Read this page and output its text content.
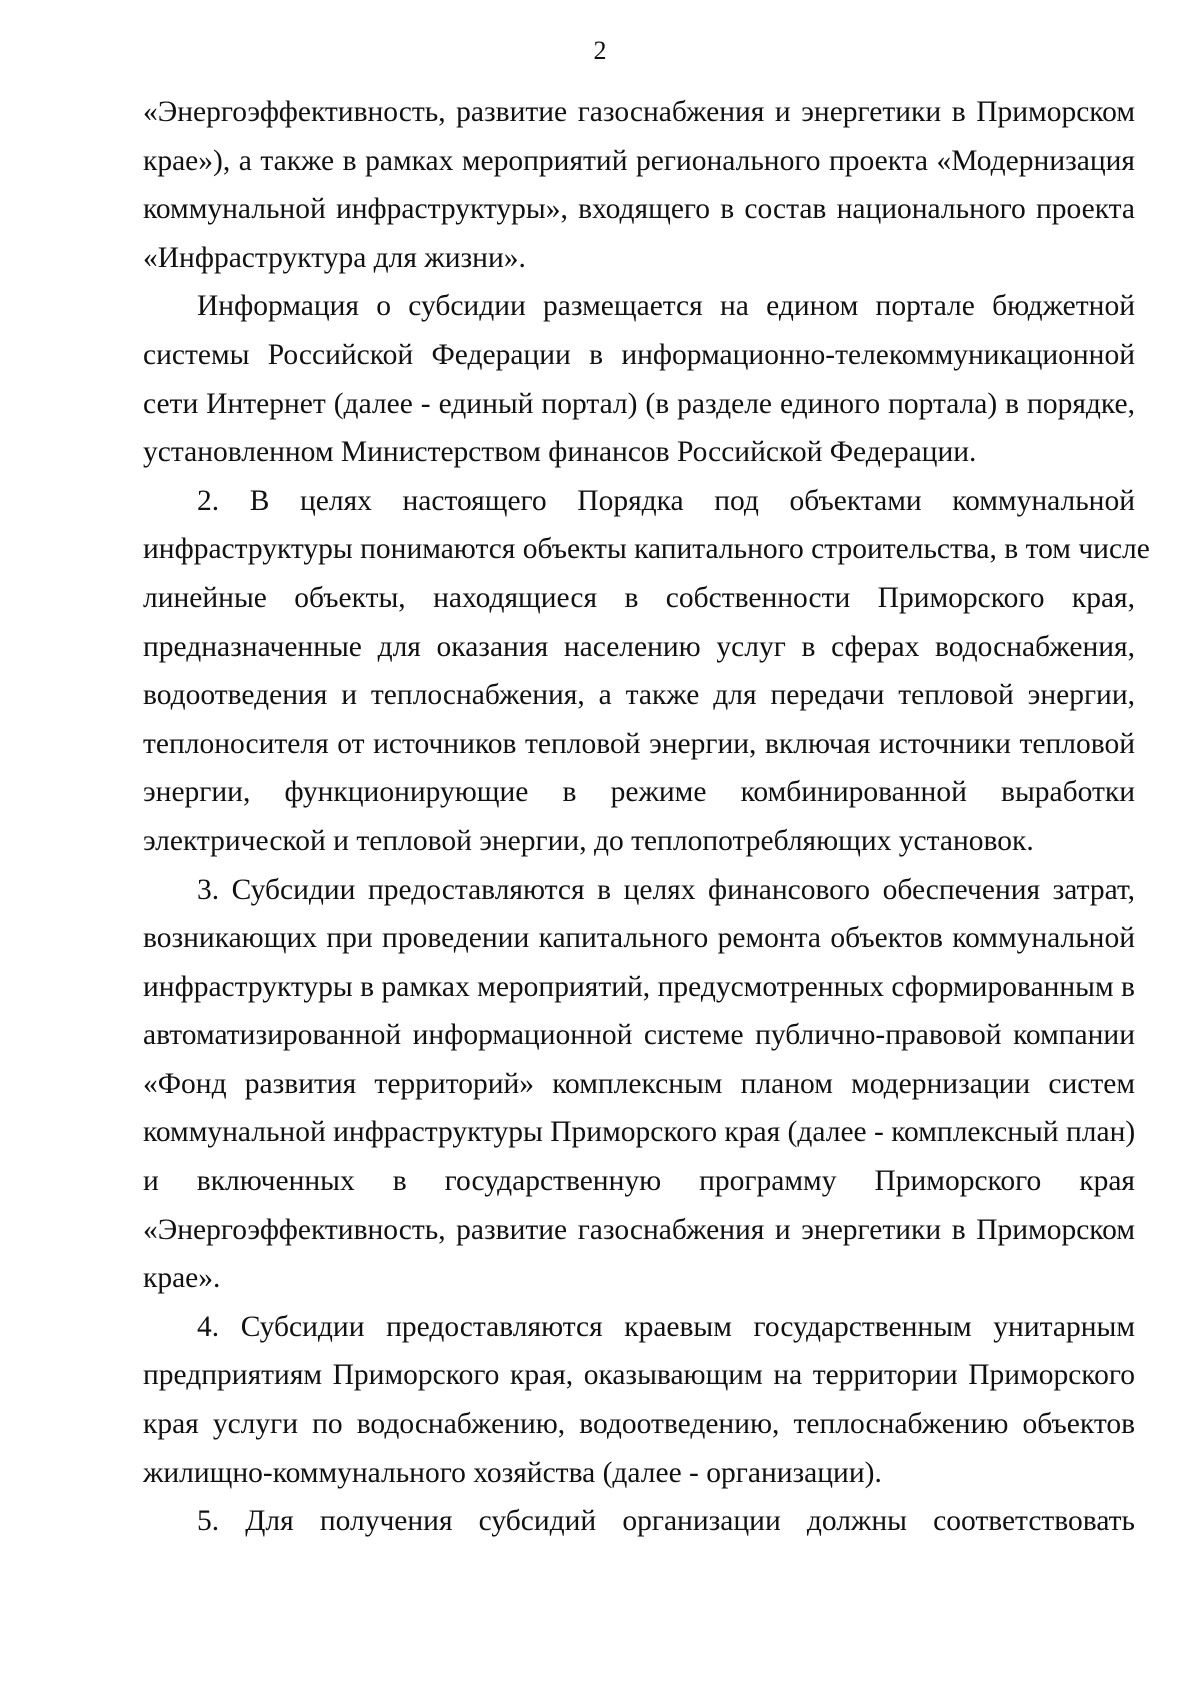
2
«Энергоэффективность, развитие газоснабжения и энергетики в Приморском
крае»), а также в рамках мероприятий регионального проекта «Модернизация
коммунальной инфраструктуры», входящего в состав национального проекта
«Инфраструктура для жизни».
Информация о субсидии размещается на едином портале бюджетной
системы Российской Федерации в информационно-телекоммуникационной
сети Интернет (далее - единый портал) (в разделе единого портала) в порядке,
установленном Министерством финансов Российской Федерации.
2. В целях настоящего Порядка под объектами коммунальной
инфраструктуры понимаются объекты капитального строительства, в том числе
линейные объекты, находящиеся в собственности Приморского края,
предназначенные для оказания населению услуг в сферах водоснабжения,
водоотведения и теплоснабжения, а также для передачи тепловой энергии,
теплоносителя от источников тепловой энергии, включая источники тепловой
энергии, функционирующие в режиме комбинированной выработки
электрической и тепловой энергии, до теплопотребляющих установок.
3. Субсидии предоставляются в целях финансового обеспечения затрат,
возникающих при проведении капитального ремонта объектов коммунальной
инфраструктуры в рамках мероприятий, предусмотренных сформированным в
автоматизированной информационной системе публично-правовой компании
«Фонд развития территорий» комплексным планом модернизации систем
коммунальной инфраструктуры Приморского края (далее - комплексный план)
и включенных в государственную программу Приморского края
«Энергоэффективность, развитие газоснабжения и энергетики в Приморском
крае».
4. Субсидии предоставляются краевым государственным унитарным
предприятиям Приморского края, оказывающим на территории Приморского
края услуги по водоснабжению, водоотведению, теплоснабжению объектов
жилищно-коммунального хозяйства (далее - организации).
5. Для получения субсидий организации должны соответствовать
